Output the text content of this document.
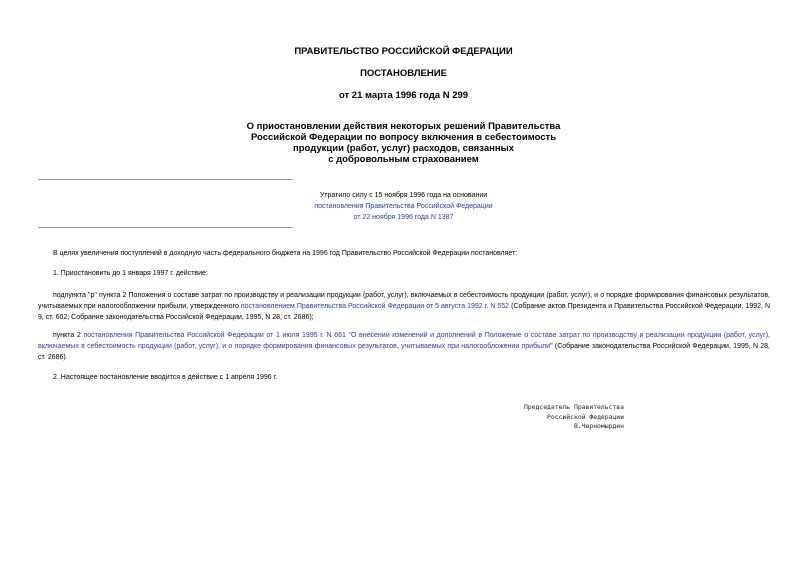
ПРАВИТЕЛЬСТВО РОССИЙСКОЙ ФЕДЕРАЦИИ

ПОСТАНОВЛЕНИЕ

от 21 марта 1996 года N 299

О приостановлении действия некоторых решений Правительства
Российской Федерации по вопросу включения в себестоимость
продукции (работ, услуг) расходов, связанных
с добровольным страхованием
Утратило силу с 15 ноября 1996 года на основании
постановления Правительства Российской Федерации
от 22 ноября 1996 года N 1387

В целях увеличения поступлений в доходную часть федерального бюджета на 1996 год Правительство Российской Федерации постановляет:

1. Приостановить до 1 января 1997 г. действие:

подпункта "р" пункта 2 Положения о составе затрат по производству и реализации продукции (работ, услуг), включаемых в себестоимость продукции (работ, услуг), и о порядке формирования финансовых результатов, учитываемых при налогообложении прибыли, утвержденного постановлением Правительства Российской Федерации от 5 августа 1992 г. N 552 (Собрание актов Президента и Правительства Российской Федерации, 1992, N 9, ст. 602; Собрание законодательства Российской Федерации, 1995, N 28, ст. 2686);

пункта 2 постановления Правительства Российской Федерации от 1 июля 1995 г. N 661 "О внесении изменений и дополнений в Положение о составе затрат по производству и реализации продукции (работ, услуг), включаемых в себестоимость продукции (работ, услуг), и о порядке формирования финансовых результатов, учитываемых при налогообложении прибыли" (Собрание законодательства Российской Федерации, 1995, N 28, ст. 2686).

2. Настоящее постановление вводится в действие с 1 апреля 1996 г.

Председатель Правительства
Российской Федерации
В.Черномырдин
